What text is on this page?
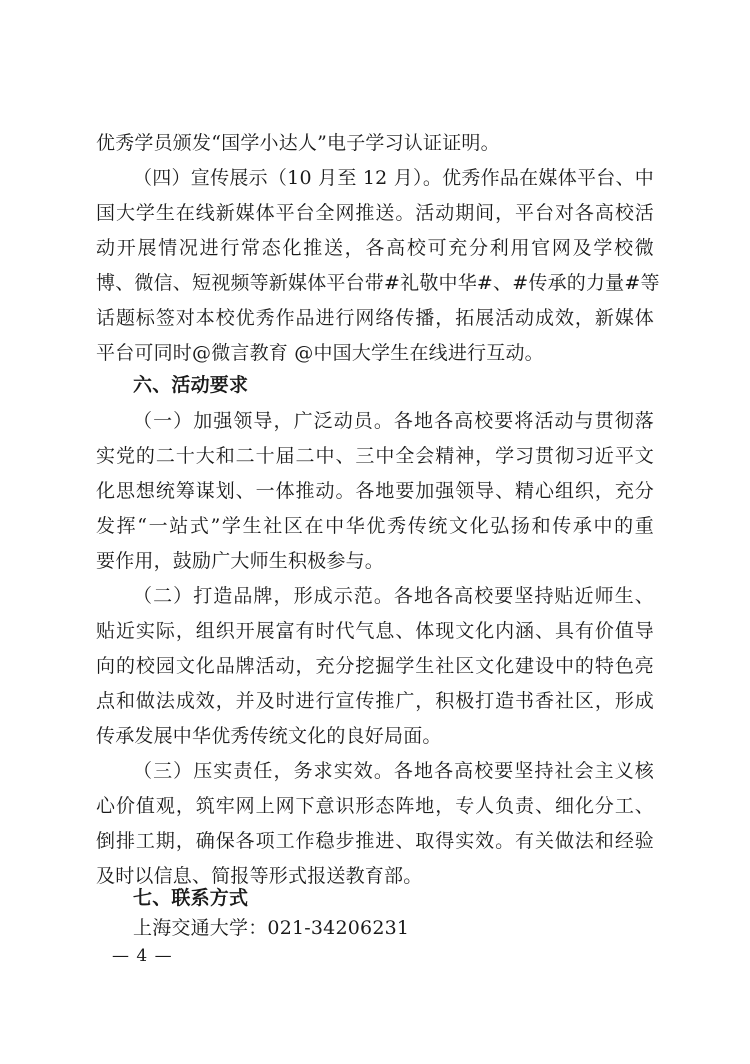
优秀学员颁发“国学小达人”电子学习认证证明。
（四）宣传展示（10 月至 12 月）。优秀作品在媒体平台、中
国大学生在线新媒体平台全网推送。活动期间，平台对各高校活
动开展情况进行常态化推送，各高校可充分利用官网及学校微
博、微信、短视频等新媒体平台带#礼敬中华#、#传承的力量#等
话题标签对本校优秀作品进行网络传播，拓展活动成效，新媒体
平台可同时@微言教育 @中国大学生在线进行互动。
六、活动要求
（一）加强领导，广泛动员。各地各高校要将活动与贯彻落
实党的二十大和二十届二中、三中全会精神，学习贯彻习近平文
化思想统筹谋划、一体推动。各地要加强领导、精心组织，充分
发挥“一站式”学生社区在中华优秀传统文化弘扬和传承中的重
要作用，鼓励广大师生积极参与。
（二）打造品牌，形成示范。各地各高校要坚持贴近师生、
贴近实际，组织开展富有时代气息、体现文化内涵、具有价值导
向的校园文化品牌活动，充分挖掘学生社区文化建设中的特色亮
点和做法成效，并及时进行宣传推广，积极打造书香社区，形成
传承发展中华优秀传统文化的良好局面。
（三）压实责任，务求实效。各地各高校要坚持社会主义核
心价值观，筑牢网上网下意识形态阵地，专人负责、细化分工、
倒排工期，确保各项工作稳步推进、取得实效。有关做法和经验
及时以信息、简报等形式报送教育部。
七、联系方式
上海交通大学：021-34206231
— 4 —
